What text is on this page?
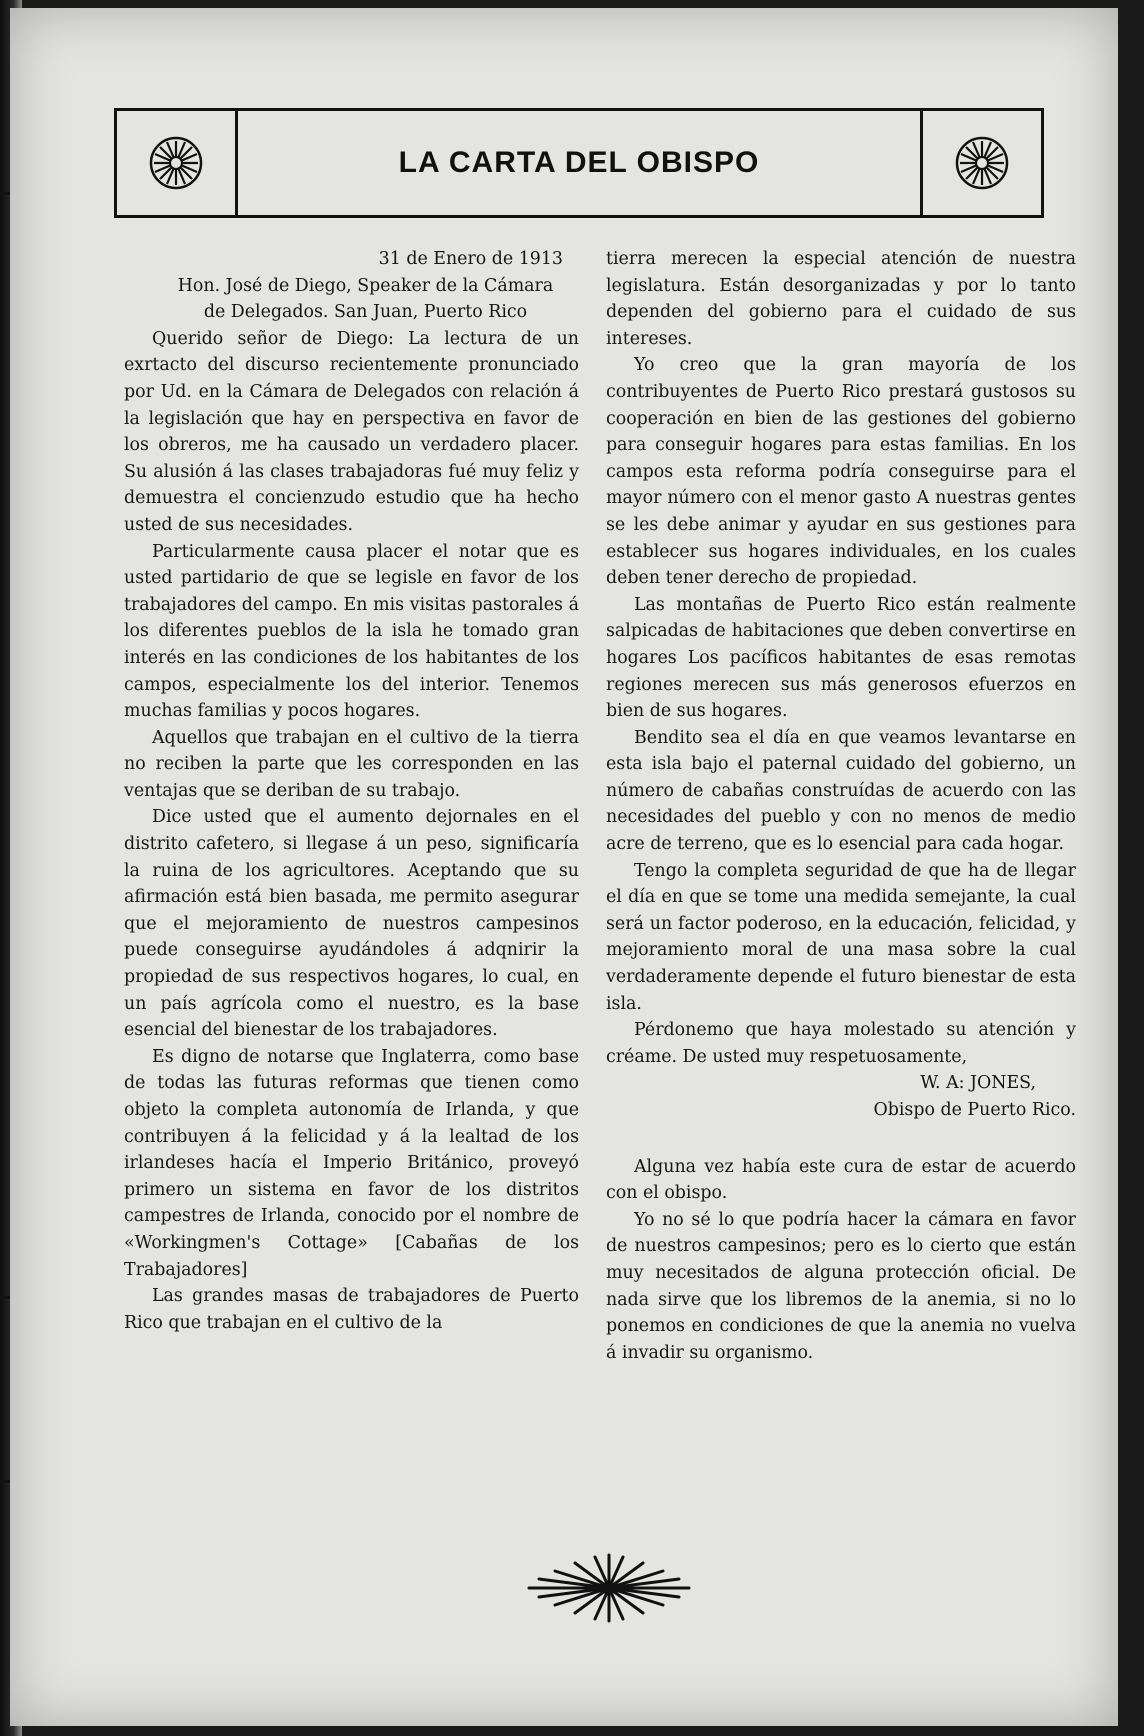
LA CARTA DEL OBISPO

31 de Enero de 1913

Hon. José de Diego, Speaker de la Cámara

de Delegados. San Juan, Puerto Rico

Querido señor de Diego: La lectura de un exrtacto del discurso recientemente pronunciado por Ud. en la Cámara de Delegados con relación á la legislación que hay en perspectiva en favor de los obreros, me ha causado un verdadero placer. Su alusión á las clases trabajadoras fué muy feliz y demuestra el concienzudo estudio que ha hecho usted de sus necesidades.

Particularmente causa placer el notar que es usted partidario de que se legisle en favor de los trabajadores del campo. En mis visitas pastorales á los diferentes pueblos de la isla he tomado gran interés en las condiciones de los habitantes de los campos, especialmente los del interior. Tenemos muchas familias y pocos hogares.

Aquellos que trabajan en el cultivo de la tierra no reciben la parte que les corresponden en las ventajas que se deriban de su trabajo.

Dice usted que el aumento dejornales en el distrito cafetero, si llegase á un peso, significaría la ruina de los agricultores. Aceptando que su afirmación está bien basada, me permito asegurar que el mejoramiento de nuestros campesinos puede conseguirse ayudándoles á adqnirir la propiedad de sus respectivos hogares, lo cual, en un país agrícola como el nuestro, es la base esencial del bienestar de los trabajadores.

Es digno de notarse que Inglaterra, como base de todas las futuras reformas que tienen como objeto la completa autonomía de Irlanda, y que contribuyen á la felicidad y á la lealtad de los irlandeses hacía el Imperio Británico, proveyó primero un sistema en favor de los distritos campestres de Irlanda, conocido por el nombre de «Workingmen's Cottage» [Cabañas de los Trabajadores]

Las grandes masas de trabajadores de Puerto Rico que trabajan en el cultivo de la

tierra merecen la especial atención de nuestra legislatura. Están desorganizadas y por lo tanto dependen del gobierno para el cuidado de sus intereses.

Yo creo que la gran mayoría de los contribuyentes de Puerto Rico prestará gustosos su cooperación en bien de las gestiones del gobierno para conseguir hogares para estas familias. En los campos esta reforma podría conseguirse para el mayor número con el menor gasto A nuestras gentes se les debe animar y ayudar en sus gestiones para establecer sus hogares individuales, en los cuales deben tener derecho de propiedad.

Las montañas de Puerto Rico están realmente salpicadas de habitaciones que deben convertirse en hogares Los pacíficos habitantes de esas remotas regiones merecen sus más generosos efuerzos en bien de sus hogares.

Bendito sea el día en que veamos levantarse en esta isla bajo el paternal cuidado del gobierno, un número de cabañas construídas de acuerdo con las necesidades del pueblo y con no menos de medio acre de terreno, que es lo esencial para cada hogar.

Tengo la completa seguridad de que ha de llegar el día en que se tome una medida semejante, la cual será un factor poderoso, en la educación, felicidad, y mejoramiento moral de una masa sobre la cual verdaderamente depende el futuro bienestar de esta isla.

Pérdonemo que haya molestado su atención y créame. De usted muy respetuosamente,

W. A: JONES,

Obispo de Puerto Rico.

Alguna vez había este cura de estar de acuerdo con el obispo.

Yo no sé lo que podría hacer la cámara en favor de nuestros campesinos; pero es lo cierto que están muy necesitados de alguna protección oficial. De nada sirve que los libremos de la anemia, si no lo ponemos en condiciones de que la anemia no vuelva á invadir su organismo.
